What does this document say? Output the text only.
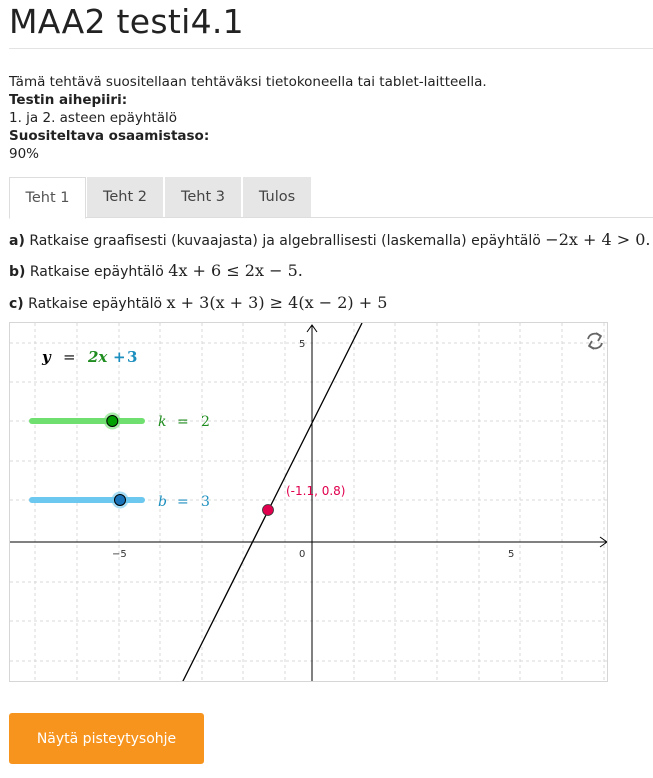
MAA2 testi4.1
Tämä tehtävä suositellaan tehtäväksi tietokoneella tai tablet-laitteella.
Testin aihepiiri:
1. ja 2. asteen epäyhtälö
Suositeltava osaamistaso:
90%
Teht 1	Teht 2	Teht 3	Tulos
a) Ratkaise graafisesti (kuvaajasta) ja algebrallisesti (laskemalla) epäyhtälö −2x + 4 > 0.
b) Ratkaise epäyhtälö 4x + 6 ≤ 2x − 5.
c) Ratkaise epäyhtälö x + 3(x + 3) ≥ 4(x − 2) + 5
−5	0	5
5
y = 2x + 3
k = 2
b = 3
(-1.1, 0.8)
Näytä pisteytysohje
